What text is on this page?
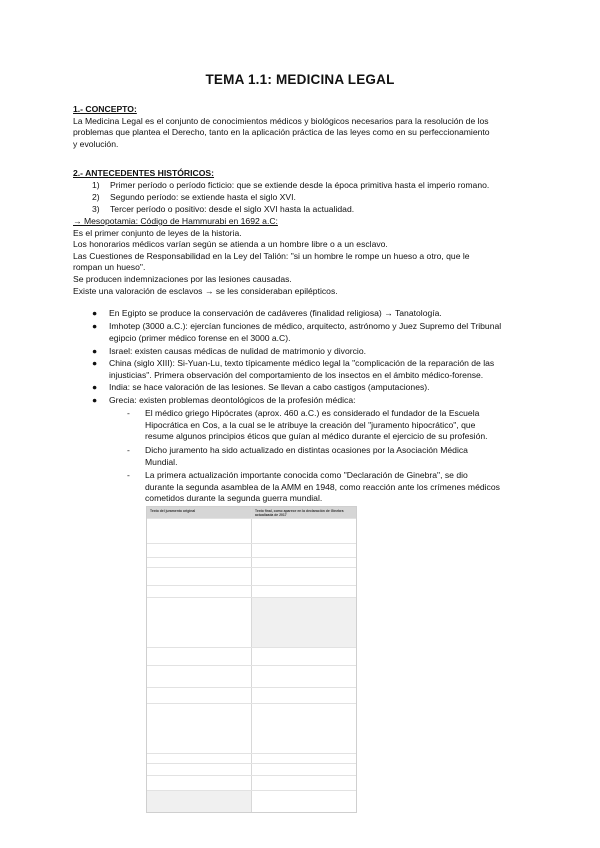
TEMA 1.1: MEDICINA LEGAL
1.- CONCEPTO:
La Medicina Legal es el conjunto de conocimientos médicos y biológicos necesarios para la resolución de los
problemas que plantea el Derecho, tanto en la aplicación práctica de las leyes como en su perfeccionamiento
y evolución.
2.- ANTECEDENTES HISTÓRICOS:
1) Primer período o período ficticio: que se extiende desde la época primitiva hasta el imperio romano.
2) Segundo período: se extiende hasta el siglo XVI.
3) Tercer período o positivo: desde el siglo XVI hasta la actualidad.
→ Mesopotamia: Código de Hammurabi en 1692 a.C:
Es el primer conjunto de leyes de la historia.
Los honorarios médicos varían según se atienda a un hombre libre o a un esclavo.
Las Cuestiones de Responsabilidad en la Ley del Talión: "si un hombre le rompe un hueso a otro, que le
rompan un hueso".
Se producen indemnizaciones por las lesiones causadas.
Existe una valoración de esclavos → se les consideraban epilépticos.
● En Egipto se produce la conservación de cadáveres (finalidad religiosa) → Tanatología.
● Imhotep (3000 a.C.): ejercían funciones de médico, arquitecto, astrónomo y Juez Supremo del Tribunal
egipcio (primer médico forense en el 3000 a.C).
● Israel: existen causas médicas de nulidad de matrimonio y divorcio.
● China (siglo XIII): Si-Yuan-Lu, texto típicamente médico legal la "complicación de la reparación de las
injusticias". Primera observación del comportamiento de los insectos en el ámbito médico-forense.
● India: se hace valoración de las lesiones. Se llevan a cabo castigos (amputaciones).
● Grecia: existen problemas deontológicos de la profesión médica:
- El médico griego Hipócrates (aprox. 460 a.C.) es considerado el fundador de la Escuela
Hipocrática en Cos, a la cual se le atribuye la creación del "juramento hipocrático", que
resume algunos principios éticos que guían al médico durante el ejercicio de su profesión.
- Dicho juramento ha sido actualizado en distintas ocasiones por la Asociación Médica
Mundial.
- La primera actualización importante conocida como "Declaración de Ginebra", se dio
durante la segunda asamblea de la AMM en 1948, como reacción ante los crímenes médicos
cometidos durante la segunda guerra mundial.
Texto del juramento original	Texto final, como aparece en la declaración de Ginebra actualizada de 2017
